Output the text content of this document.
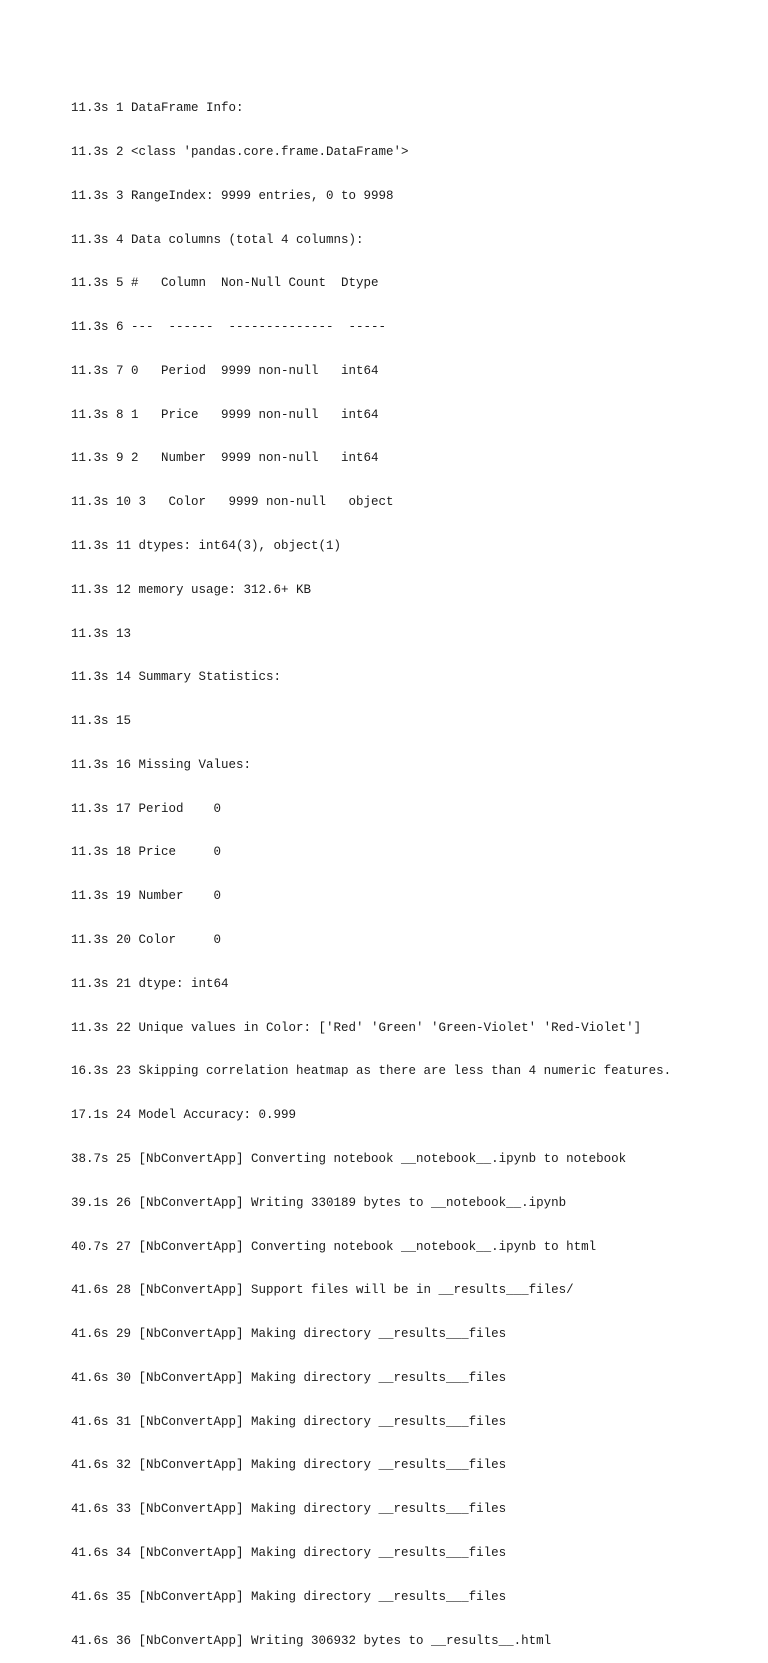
11.3s 1 DataFrame Info:

11.3s 2 <class 'pandas.core.frame.DataFrame'>

11.3s 3 RangeIndex: 9999 entries, 0 to 9998

11.3s 4 Data columns (total 4 columns):

11.3s 5 #   Column  Non-Null Count  Dtype

11.3s 6 ---  ------  --------------  -----

11.3s 7 0   Period  9999 non-null   int64

11.3s 8 1   Price   9999 non-null   int64

11.3s 9 2   Number  9999 non-null   int64

11.3s 10 3   Color   9999 non-null   object

11.3s 11 dtypes: int64(3), object(1)

11.3s 12 memory usage: 312.6+ KB

11.3s 13

11.3s 14 Summary Statistics:

11.3s 15

11.3s 16 Missing Values:

11.3s 17 Period    0

11.3s 18 Price     0

11.3s 19 Number    0

11.3s 20 Color     0

11.3s 21 dtype: int64

11.3s 22 Unique values in Color: ['Red' 'Green' 'Green-Violet' 'Red-Violet']

16.3s 23 Skipping correlation heatmap as there are less than 4 numeric features.

17.1s 24 Model Accuracy: 0.999

38.7s 25 [NbConvertApp] Converting notebook __notebook__.ipynb to notebook

39.1s 26 [NbConvertApp] Writing 330189 bytes to __notebook__.ipynb

40.7s 27 [NbConvertApp] Converting notebook __notebook__.ipynb to html

41.6s 28 [NbConvertApp] Support files will be in __results___files/

41.6s 29 [NbConvertApp] Making directory __results___files

41.6s 30 [NbConvertApp] Making directory __results___files

41.6s 31 [NbConvertApp] Making directory __results___files

41.6s 32 [NbConvertApp] Making directory __results___files

41.6s 33 [NbConvertApp] Making directory __results___files

41.6s 34 [NbConvertApp] Making directory __results___files

41.6s 35 [NbConvertApp] Making directory __results___files

41.6s 36 [NbConvertApp] Writing 306932 bytes to __results__.html
